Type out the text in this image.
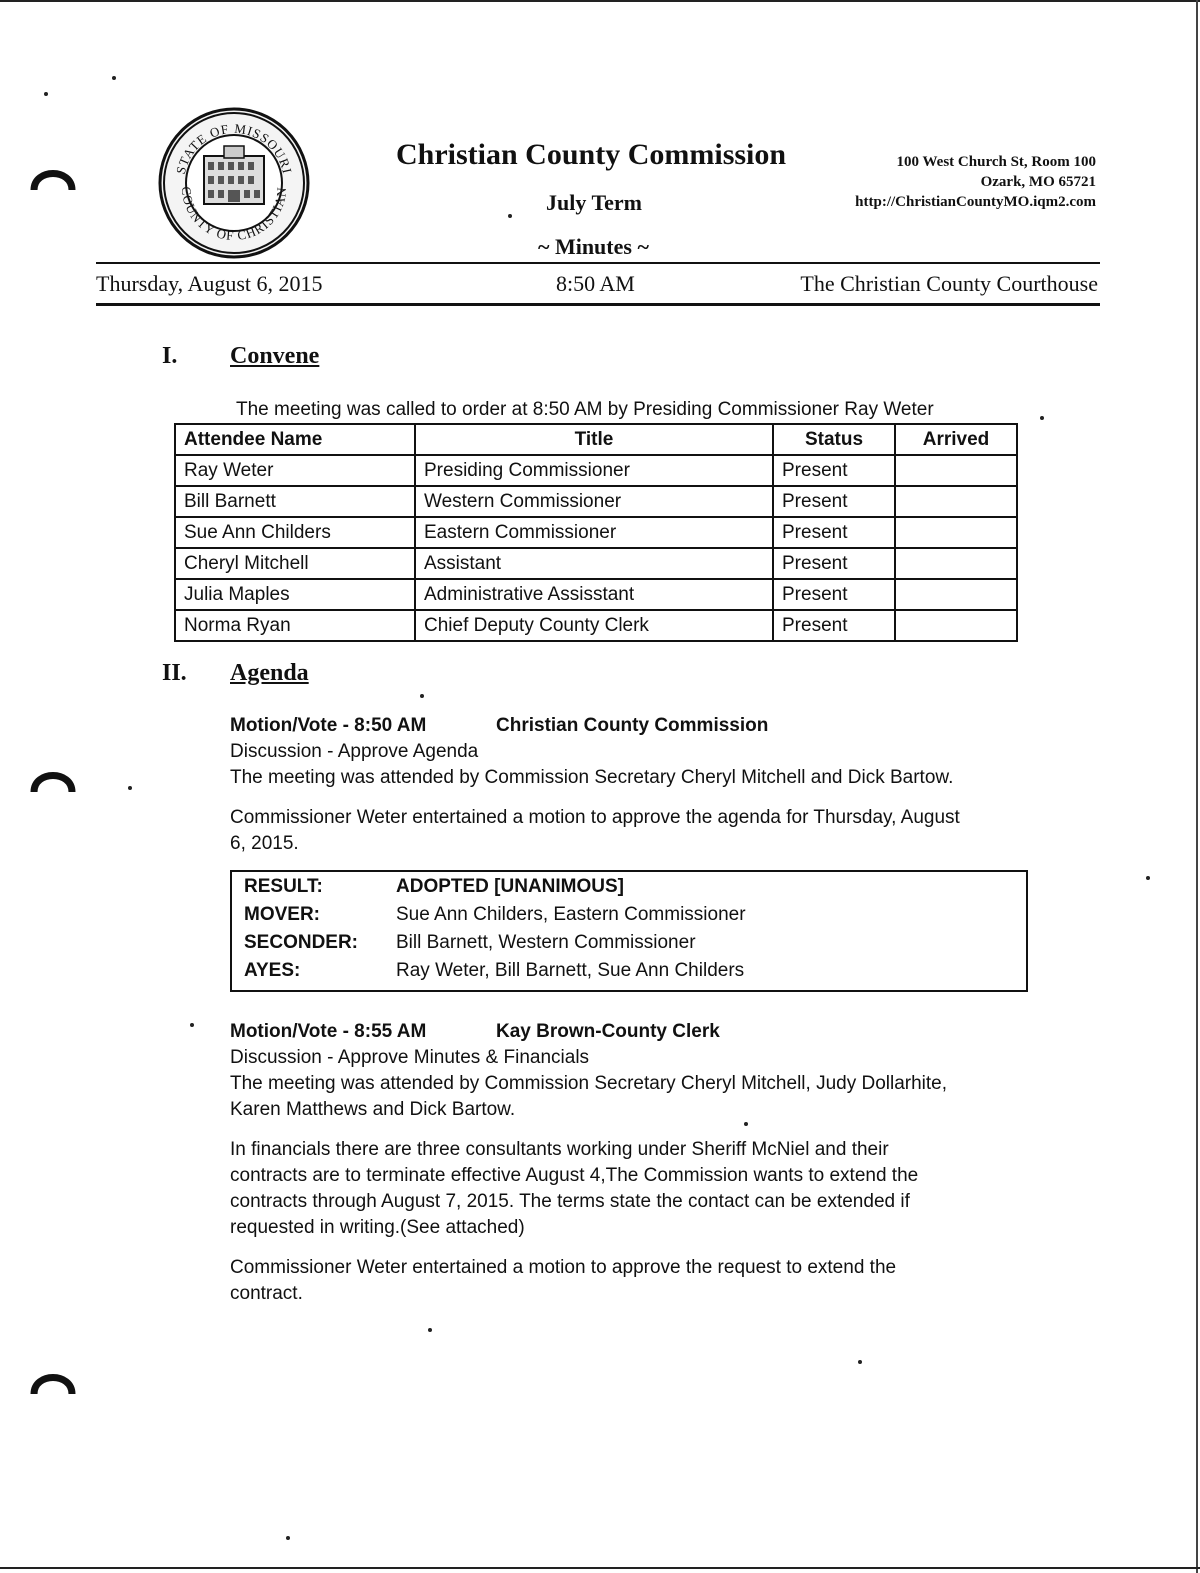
STATE OF MISSOURI
COUNTY OF CHRISTIAN
Christian County Commission
July Term
~ Minutes ~
100 West Church St, Room 100
Ozark, MO 65721
http://ChristianCountyMO.iqm2.com
Thursday, August 6, 2015	8:50 AM	The Christian County Courthouse
I. Convene
The meeting was called to order at 8:50 AM by Presiding Commissioner Ray Weter
Attendee Name	Title	Status	Arrived
Ray Weter	Presiding Commissioner	Present	
Bill Barnett	Western Commissioner	Present	
Sue Ann Childers	Eastern Commissioner	Present	
Cheryl Mitchell	Assistant	Present	
Julia Maples	Administrative Assisstant	Present	
Norma Ryan	Chief Deputy County Clerk	Present	
II. Agenda
Motion/Vote - 8:50 AM	Christian County Commission
Discussion - Approve Agenda
The meeting was attended by Commission Secretary Cheryl Mitchell and Dick Bartow.
Commissioner Weter entertained a motion to approve the agenda for Thursday, August
6, 2015.
RESULT:	ADOPTED [UNANIMOUS]
MOVER:	Sue Ann Childers, Eastern Commissioner
SECONDER: Bill Barnett, Western Commissioner
AYES:	Ray Weter, Bill Barnett, Sue Ann Childers
Motion/Vote - 8:55 AM	Kay Brown-County Clerk
Discussion - Approve Minutes & Financials
The meeting was attended by Commission Secretary Cheryl Mitchell, Judy Dollarhite,
Karen Matthews and Dick Bartow.
In financials there are three consultants working under Sheriff McNiel and their
contracts are to terminate effective August 4,The Commission wants to extend the
contracts through August 7, 2015. The terms state the contact can be extended if
requested in writing.(See attached)
Commissioner Weter entertained a motion to approve the request to extend the
contract.
